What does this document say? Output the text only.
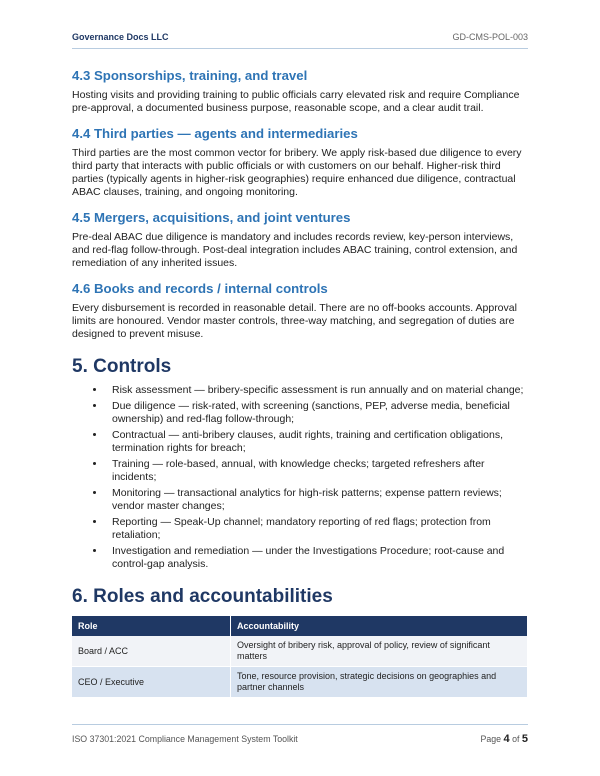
Governance Docs LLC	GD-CMS-POL-003
4.3 Sponsorships, training, and travel

Hosting visits and providing training to public officials carry elevated risk and require Compliance pre-approval, a documented business purpose, reasonable scope, and a clear audit trail.

4.4 Third parties — agents and intermediaries

Third parties are the most common vector for bribery. We apply risk-based due diligence to every third party that interacts with public officials or with customers on our behalf. Higher-risk third parties (typically agents in higher-risk geographies) require enhanced due diligence, contractual ABAC clauses, training, and ongoing monitoring.

4.5 Mergers, acquisitions, and joint ventures

Pre-deal ABAC due diligence is mandatory and includes records review, key-person interviews, and red-flag follow-through. Post-deal integration includes ABAC training, control extension, and remediation of any inherited issues.

4.6 Books and records / internal controls

Every disbursement is recorded in reasonable detail. There are no off-books accounts. Approval limits are honoured. Vendor master controls, three-way matching, and segregation of duties are designed to prevent misuse.

5. Controls
• Risk assessment — bribery-specific assessment is run annually and on material change;
• Due diligence — risk-rated, with screening (sanctions, PEP, adverse media, beneficial ownership) and red-flag follow-through;
• Contractual — anti-bribery clauses, audit rights, training and certification obligations, termination rights for breach;
• Training — role-based, annual, with knowledge checks; targeted refreshers after incidents;
• Monitoring — transactional analytics for high-risk patterns; expense pattern reviews; vendor master changes;
• Reporting — Speak-Up channel; mandatory reporting of red flags; protection from retaliation;
• Investigation and remediation — under the Investigations Procedure; root-cause and control-gap analysis.
6. Roles and accountabilities
Role	Accountability
Board / ACC	Oversight of bribery risk, approval of policy, review of significant matters
CEO / Executive	Tone, resource provision, strategic decisions on geographies and partner channels
ISO 37301:2021 Compliance Management System Toolkit	Page 4 of 5
